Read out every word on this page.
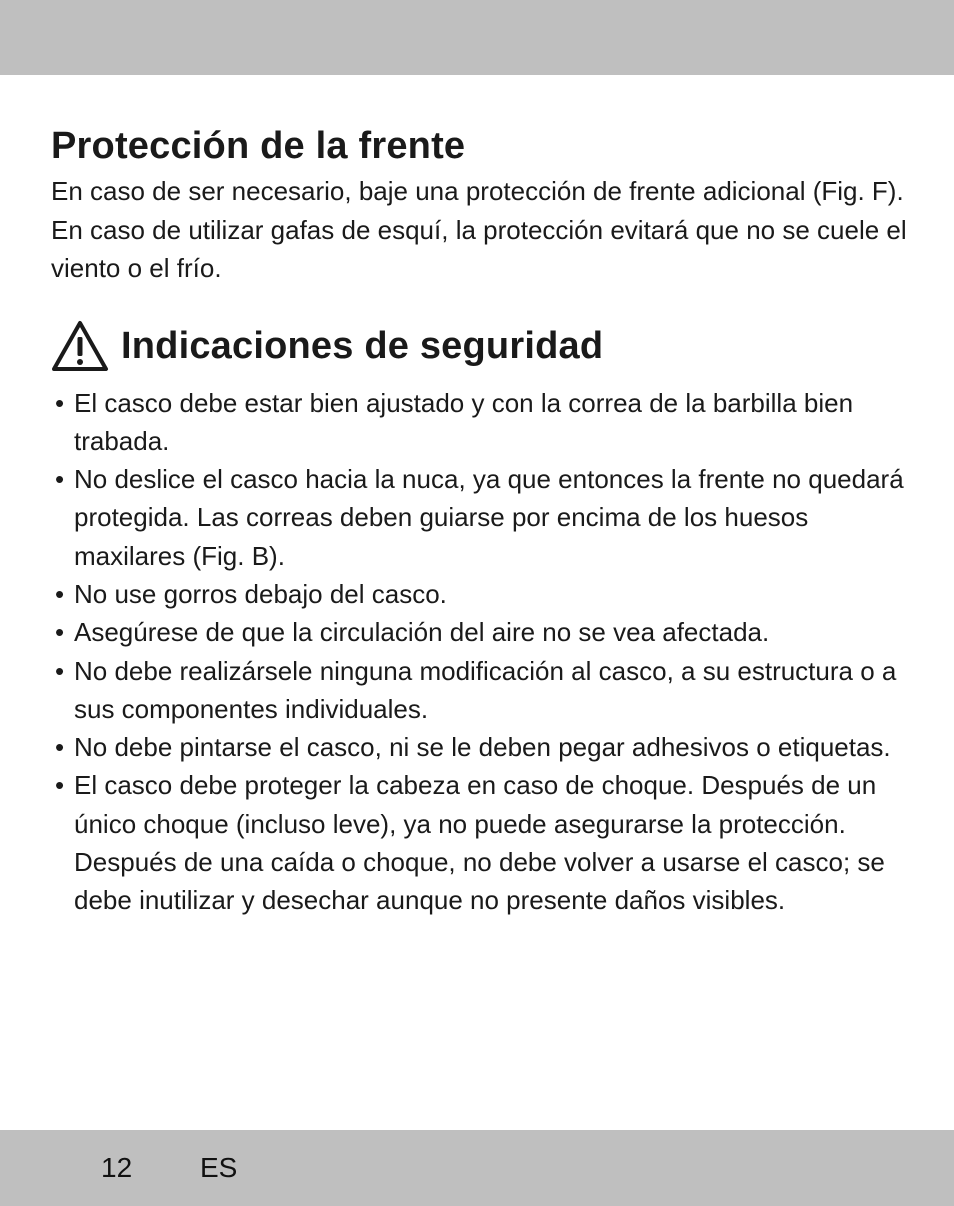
Protección de la frente

En caso de ser necesario, baje una protección de frente adicional (Fig. F). En caso de utilizar gafas de esquí, la protección evitará que no se cuele el viento o el frío.

Indicaciones de seguridad
• El casco debe estar bien ajustado y con la correa de la barbilla bien trabada.
• No deslice el casco hacia la nuca, ya que entonces la frente no quedará protegida. Las correas deben guiarse por encima de los huesos maxilares (Fig. B).
• No use gorros debajo del casco.
• Asegúrese de que la circulación del aire no se vea afectada.
• No debe realizársele ninguna modificación al casco, a su estructura o a sus componentes individuales.
• No debe pintarse el casco, ni se le deben pegar adhesivos o etiquetas.
• El casco debe proteger la cabeza en caso de choque. Después de un único choque (incluso leve), ya no puede asegurarse la protección. Después de una caída o choque, no debe volver a usarse el casco; se debe inutilizar y desechar aunque no presente daños visibles.
12 ES
